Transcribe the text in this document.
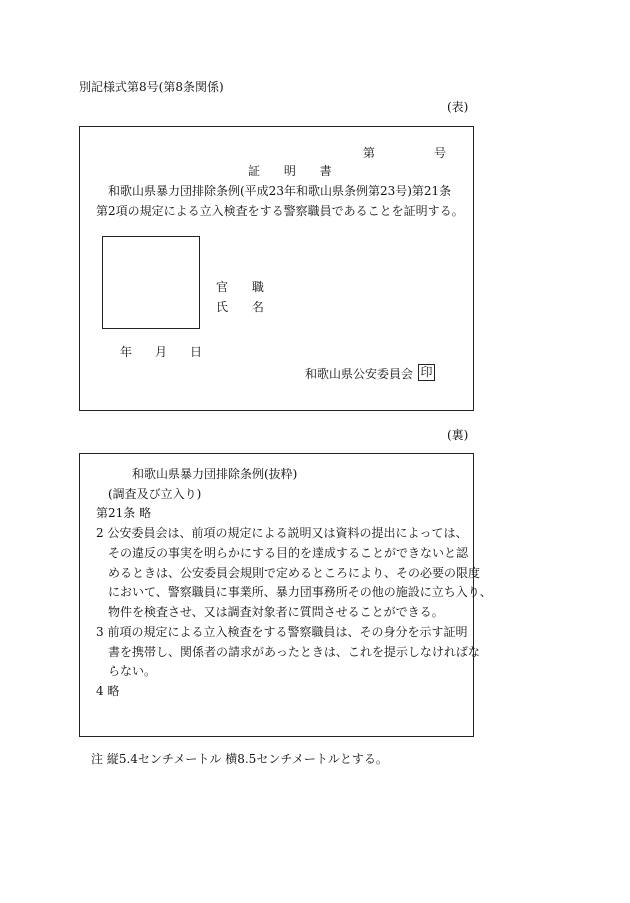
別記様式第8号(第8条関係)
(表)
第	号
証 明 書
和歌山県暴力団排除条例(平成23年和歌山県条例第23号)第21条
第2項の規定による立入検査をする警察職員であることを証明する。
官 職
氏 名
年 月 日
和歌山県公安委員会 印
(裏)
和歌山県暴力団排除条例(抜粋)
(調査及び立入り)
第21条 略
2 公安委員会は、前項の規定による説明又は資料の提出によっては、
その違反の事実を明らかにする目的を達成することができないと認
めるときは、公安委員会規則で定めるところにより、その必要の限度
において、警察職員に事業所、暴力団事務所その他の施設に立ち入り、
物件を検査させ、又は調査対象者に質問させることができる。
3 前項の規定による立入検査をする警察職員は、その身分を示す証明
書を携帯し、関係者の請求があったときは、これを提示しなければな
らない。
4 略
注 縦5.4センチメートル 横8.5センチメートルとする。
